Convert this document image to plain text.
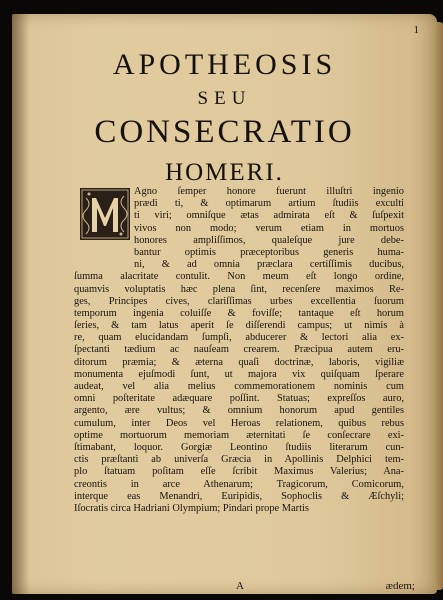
1
APOTHEOSIS
SEU
CONSECRATIO
HOMERI.
A	ædem;
Agno ſemper honore fuerunt illuſtri ingenio
prædi ti, & optimarum artium ſtudiis exculti
ti viri; omniſque ætas admirata eſt & ſuſpexit
vivos non modo; verum etiam in mortuos
honores ampliſſimos, qualeſque jure debe-
bantur optimis præceptoribus generis huma-
ni, & ad omnia præclara certiſſimis ducibus,
ſumma alacritate contulit. Non meum eſt longo ordine,
quamvis voluptatis hæc plena ſint, recenſere maximos Re-
ges, Principes cives, clariſſimas urbes excellentia ſuorum
temporum ingenia coluiſſe & foviſſe; tantaque eſt horum
ſeries, & tam latus aperit ſe diſſerendi campus; ut nimis à
re, quam elucidandam ſumpſi, abducerer & lectori alia ex-
ſpectanti tædium ac nauſeam crearem. Præcipua autem eru-
ditorum præmia; & æterna quaſi doctrinæ, laboris, vigiliæ
monumenta ejuſmodi ſunt, ut majora vix quiſquam ſperare
audeat, vel alia melius commemorationem nominis cum
omni poſteritate adæquare poſſint. Statuas; expreſſos auro,
argento, ære vultus; & omnium honorum apud gentiles
cumulum, inter Deos vel Heroas relationem, quibus rebus
optime mortuorum memoriam æternitati ſe conſecrare exi-
ſtimabant, loquor. Gorgiæ Leontino ſtudiis literarum cun-
ctis præſtanti ab univerſa Græcia in Apollinis Delphici tem-
plo ſtatuam poſitam eſſe ſcribit Maximus Valerius; Ana-
creontis in arce Athenarum; Tragicorum, Comicorum,
interque eas Menandri, Euripidis, Sophoclis & Æſchyli;
Iſocratis circa Hadriani Olympium; Pindari prope Martis
